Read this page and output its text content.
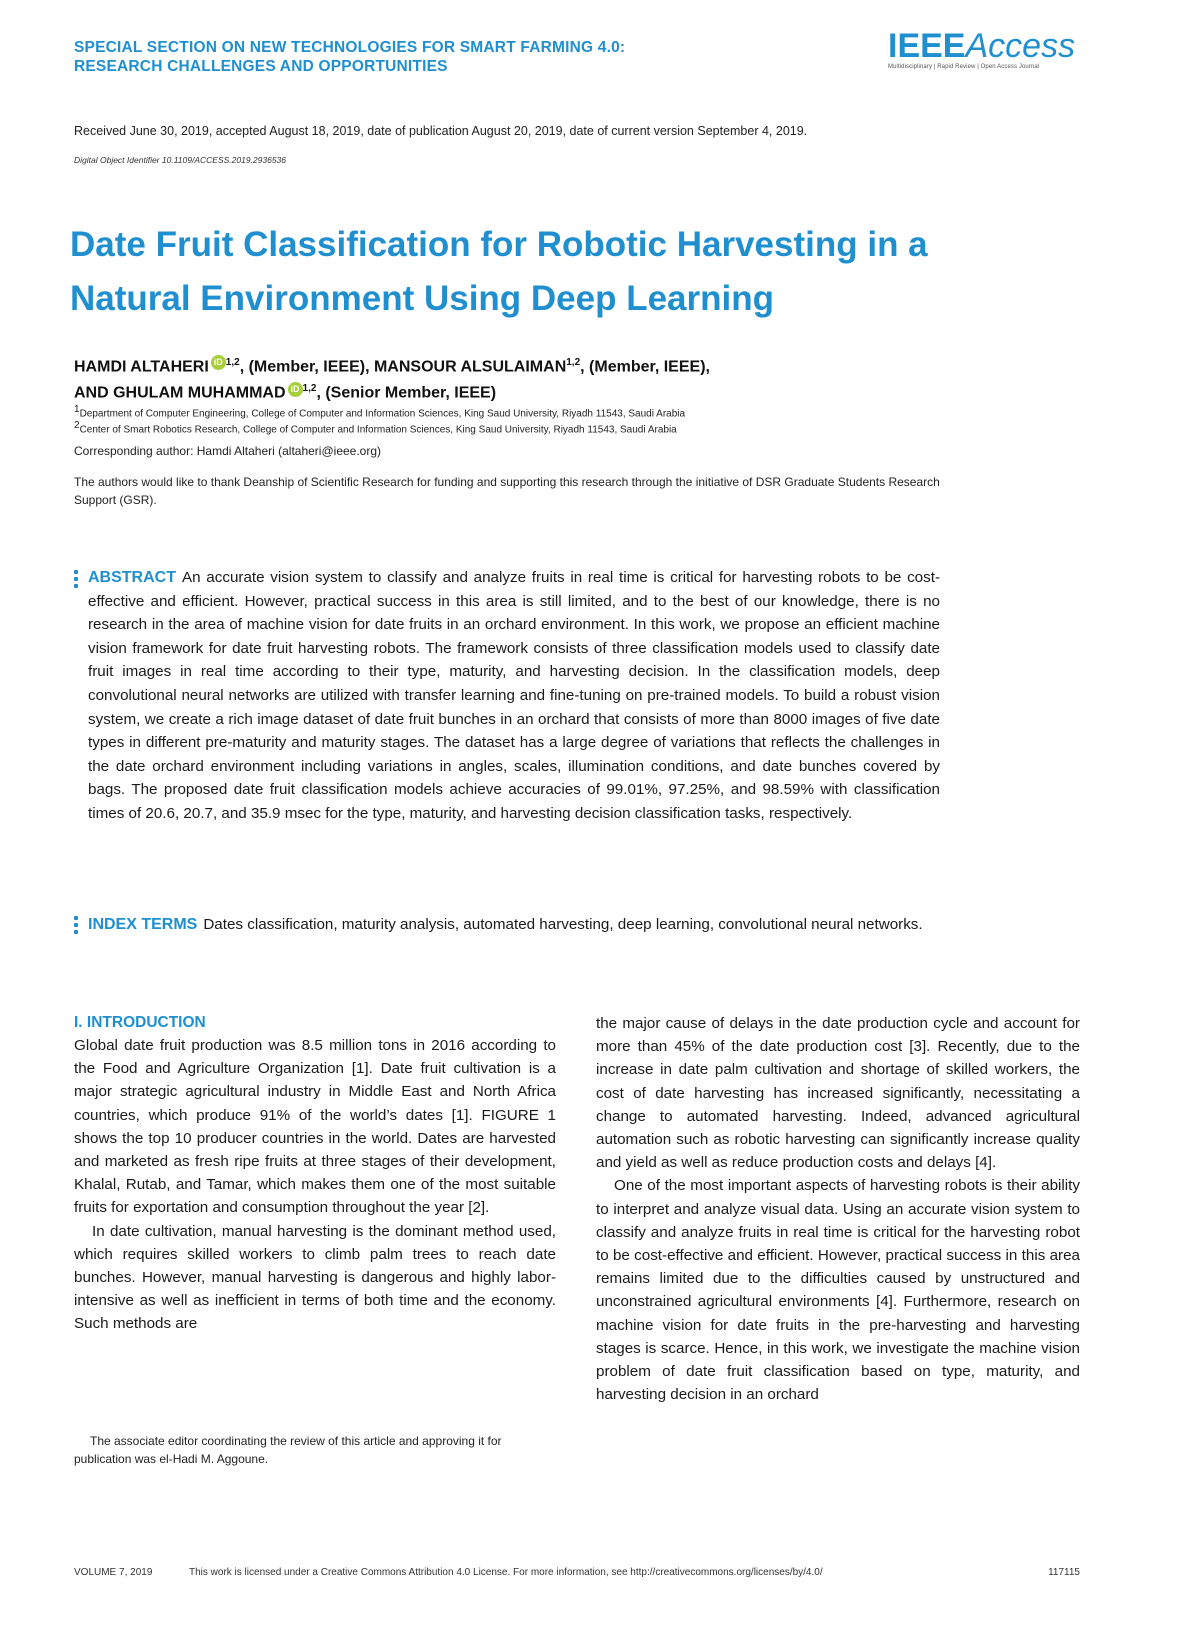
SPECIAL SECTION ON NEW TECHNOLOGIES FOR SMART FARMING 4.0:
RESEARCH CHALLENGES AND OPPORTUNITIES
IEEEAccess
Multidisciplinary | Rapid Review | Open Access Journal
Received June 30, 2019, accepted August 18, 2019, date of publication August 20, 2019, date of current version September 4, 2019.
Digital Object Identifier 10.1109/ACCESS.2019.2936536
Date Fruit Classification for Robotic Harvesting in a Natural Environment Using Deep Learning
HAMDI ALTAHERI iD $^{1,2}$, (Member, IEEE), MANSOUR ALSULAIMAN$^{1,2}$, (Member, IEEE),
AND GHULAM MUHAMMAD iD $^{1,2}$, (Senior Member, IEEE)
$^1$Department of Computer Engineering, College of Computer and Information Sciences, King Saud University, Riyadh 11543, Saudi Arabia
$^2$Center of Smart Robotics Research, College of Computer and Information Sciences, King Saud University, Riyadh 11543, Saudi Arabia
Corresponding author: Hamdi Altaheri (altaheri@ieee.org)
The authors would like to thank Deanship of Scientific Research for funding and supporting this research through the initiative of DSR Graduate Students Research Support (GSR).

ABSTRACT An accurate vision system to classify and analyze fruits in real time is critical for harvesting robots to be cost-effective and efficient. However, practical success in this area is still limited, and to the best of our knowledge, there is no research in the area of machine vision for date fruits in an orchard environment. In this work, we propose an efficient machine vision framework for date fruit harvesting robots. The framework consists of three classification models used to classify date fruit images in real time according to their type, maturity, and harvesting decision. In the classification models, deep convolutional neural networks are utilized with transfer learning and fine-tuning on pre-trained models. To build a robust vision system, we create a rich image dataset of date fruit bunches in an orchard that consists of more than 8000 images of five date types in different pre-maturity and maturity stages. The dataset has a large degree of variations that reflects the challenges in the date orchard environment including variations in angles, scales, illumination conditions, and date bunches covered by bags. The proposed date fruit classification models achieve accuracies of 99.01%, 97.25%, and 98.59% with classification times of 20.6, 20.7, and 35.9 msec for the type, maturity, and harvesting decision classification tasks, respectively.

INDEX TERMS Dates classification, maturity analysis, automated harvesting, deep learning, convolutional neural networks.

I. INTRODUCTION

Global date fruit production was 8.5 million tons in 2016 according to the Food and Agriculture Organization [1]. Date fruit cultivation is a major strategic agricultural industry in Middle East and North Africa countries, which produce 91% of the world’s dates [1]. FIGURE 1 shows the top 10 producer countries in the world. Dates are harvested and marketed as fresh ripe fruits at three stages of their development, Khalal, Rutab, and Tamar, which makes them one of the most suitable fruits for exportation and consumption throughout the year [2].

In date cultivation, manual harvesting is the dominant method used, which requires skilled workers to climb palm trees to reach date bunches. However, manual harvesting is dangerous and highly labor-intensive as well as inefficient in terms of both time and the economy. Such methods are

the major cause of delays in the date production cycle and account for more than 45% of the date production cost [3]. Recently, due to the increase in date palm cultivation and shortage of skilled workers, the cost of date harvesting has increased significantly, necessitating a change to automated harvesting. Indeed, advanced agricultural automation such as robotic harvesting can significantly increase quality and yield as well as reduce production costs and delays [4].

One of the most important aspects of harvesting robots is their ability to interpret and analyze visual data. Using an accurate vision system to classify and analyze fruits in real time is critical for the harvesting robot to be cost-effective and efficient. However, practical success in this area remains limited due to the difficulties caused by unstructured and unconstrained agricultural environments [4]. Furthermore, research on machine vision for date fruits in the pre-harvesting and harvesting stages is scarce. Hence, in this work, we investigate the machine vision problem of date fruit classification based on type, maturity, and harvesting decision in an orchard

The associate editor coordinating the review of this article and approving it for publication was el-Hadi M. Aggoune.

VOLUME 7, 2019	This work is licensed under a Creative Commons Attribution 4.0 License. For more information, see http://creativecommons.org/licenses/by/4.0/	117115
